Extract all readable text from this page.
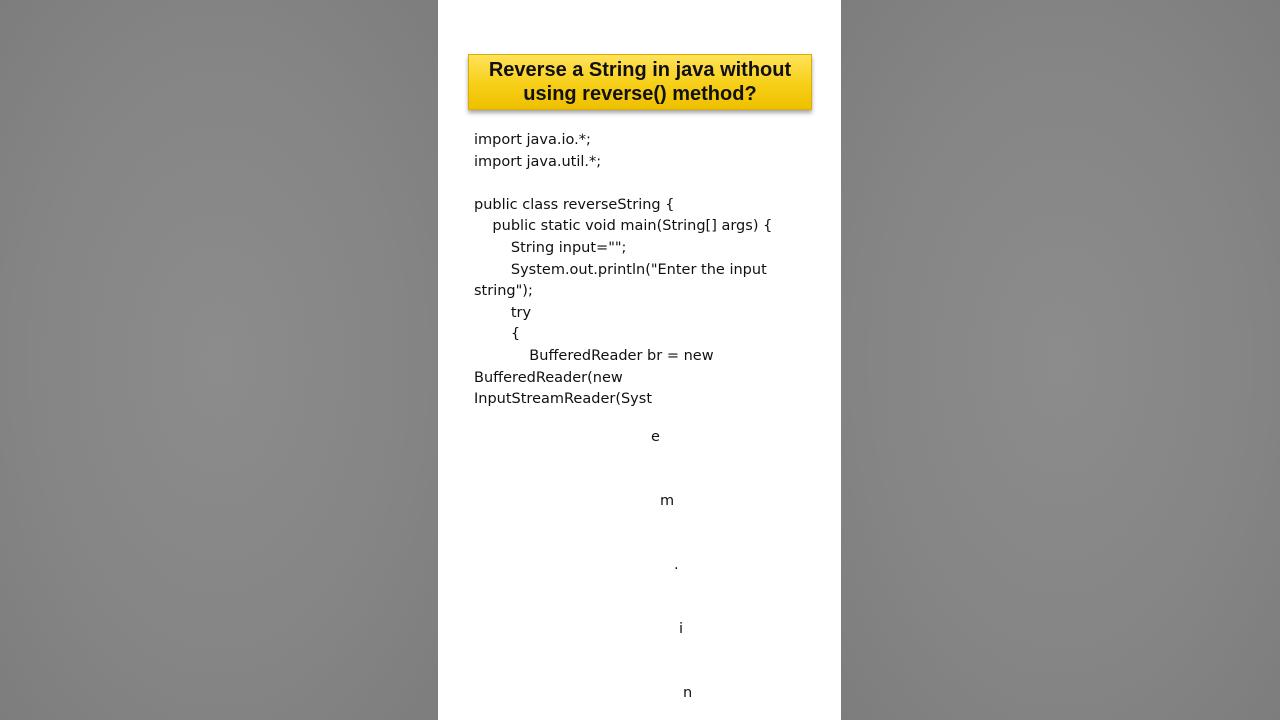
Reverse a String in java without
using reverse() method?
import java.io.*;
import java.util.*;
public class reverseString {
public static void main(String[] args) {
String input="";
System.out.println("Enter the input
string");
try
{
BufferedReader br = new
BufferedReader(new
InputStreamReader(Syst
e
m
.
i
n
